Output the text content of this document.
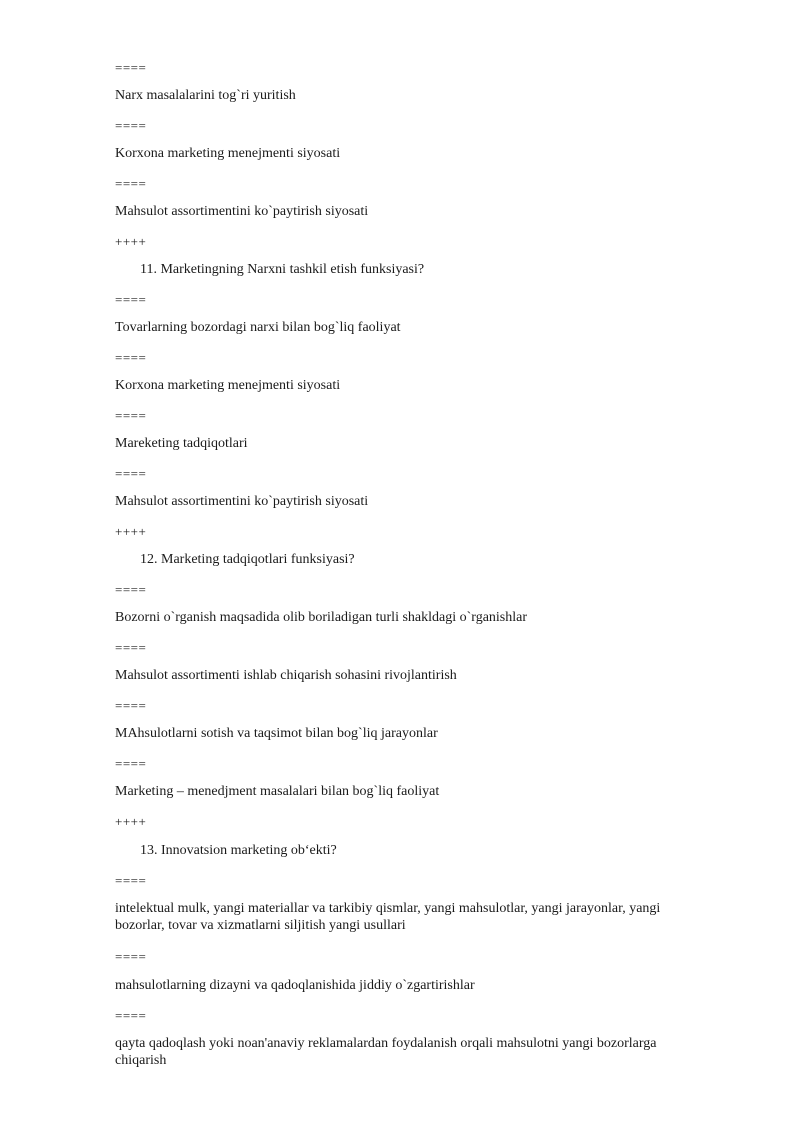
====
Narx masalalarini tog`ri yuritish
====
Korxona marketing menejmenti siyosati
====
Mahsulot assortimentini ko`paytirish siyosati
++++
11. Marketingning Narxni tashkil etish funksiyasi?
====
Tovarlarning bozordagi narxi bilan bog`liq faoliyat
====
Korxona marketing menejmenti siyosati
====
Mareketing tadqiqotlari
====
Mahsulot assortimentini ko`paytirish siyosati
++++
12. Marketing tadqiqotlari funksiyasi?
====
Bozorni o`rganish maqsadida olib boriladigan turli shakldagi o`rganishlar
====
Mahsulot assortimenti ishlab chiqarish sohasini rivojlantirish
====
MAhsulotlarni sotish va taqsimot bilan bog`liq jarayonlar
====
Marketing – menedjment masalalari bilan bog`liq faoliyat
++++
13. Innovatsion marketing ob‘ekti?
====
intelektual mulk, yangi materiallar va tarkibiy qismlar, yangi mahsulotlar, yangi jarayonlar, yangi bozorlar, tovar va xizmatlarni siljitish yangi usullari
====
mahsulotlarning dizayni va qadoqlanishida jiddiy o`zgartirishlar
====
qayta qadoqlash yoki noan'anaviy reklamalardan foydalanish orqali mahsulotni yangi bozorlarga chiqarish
